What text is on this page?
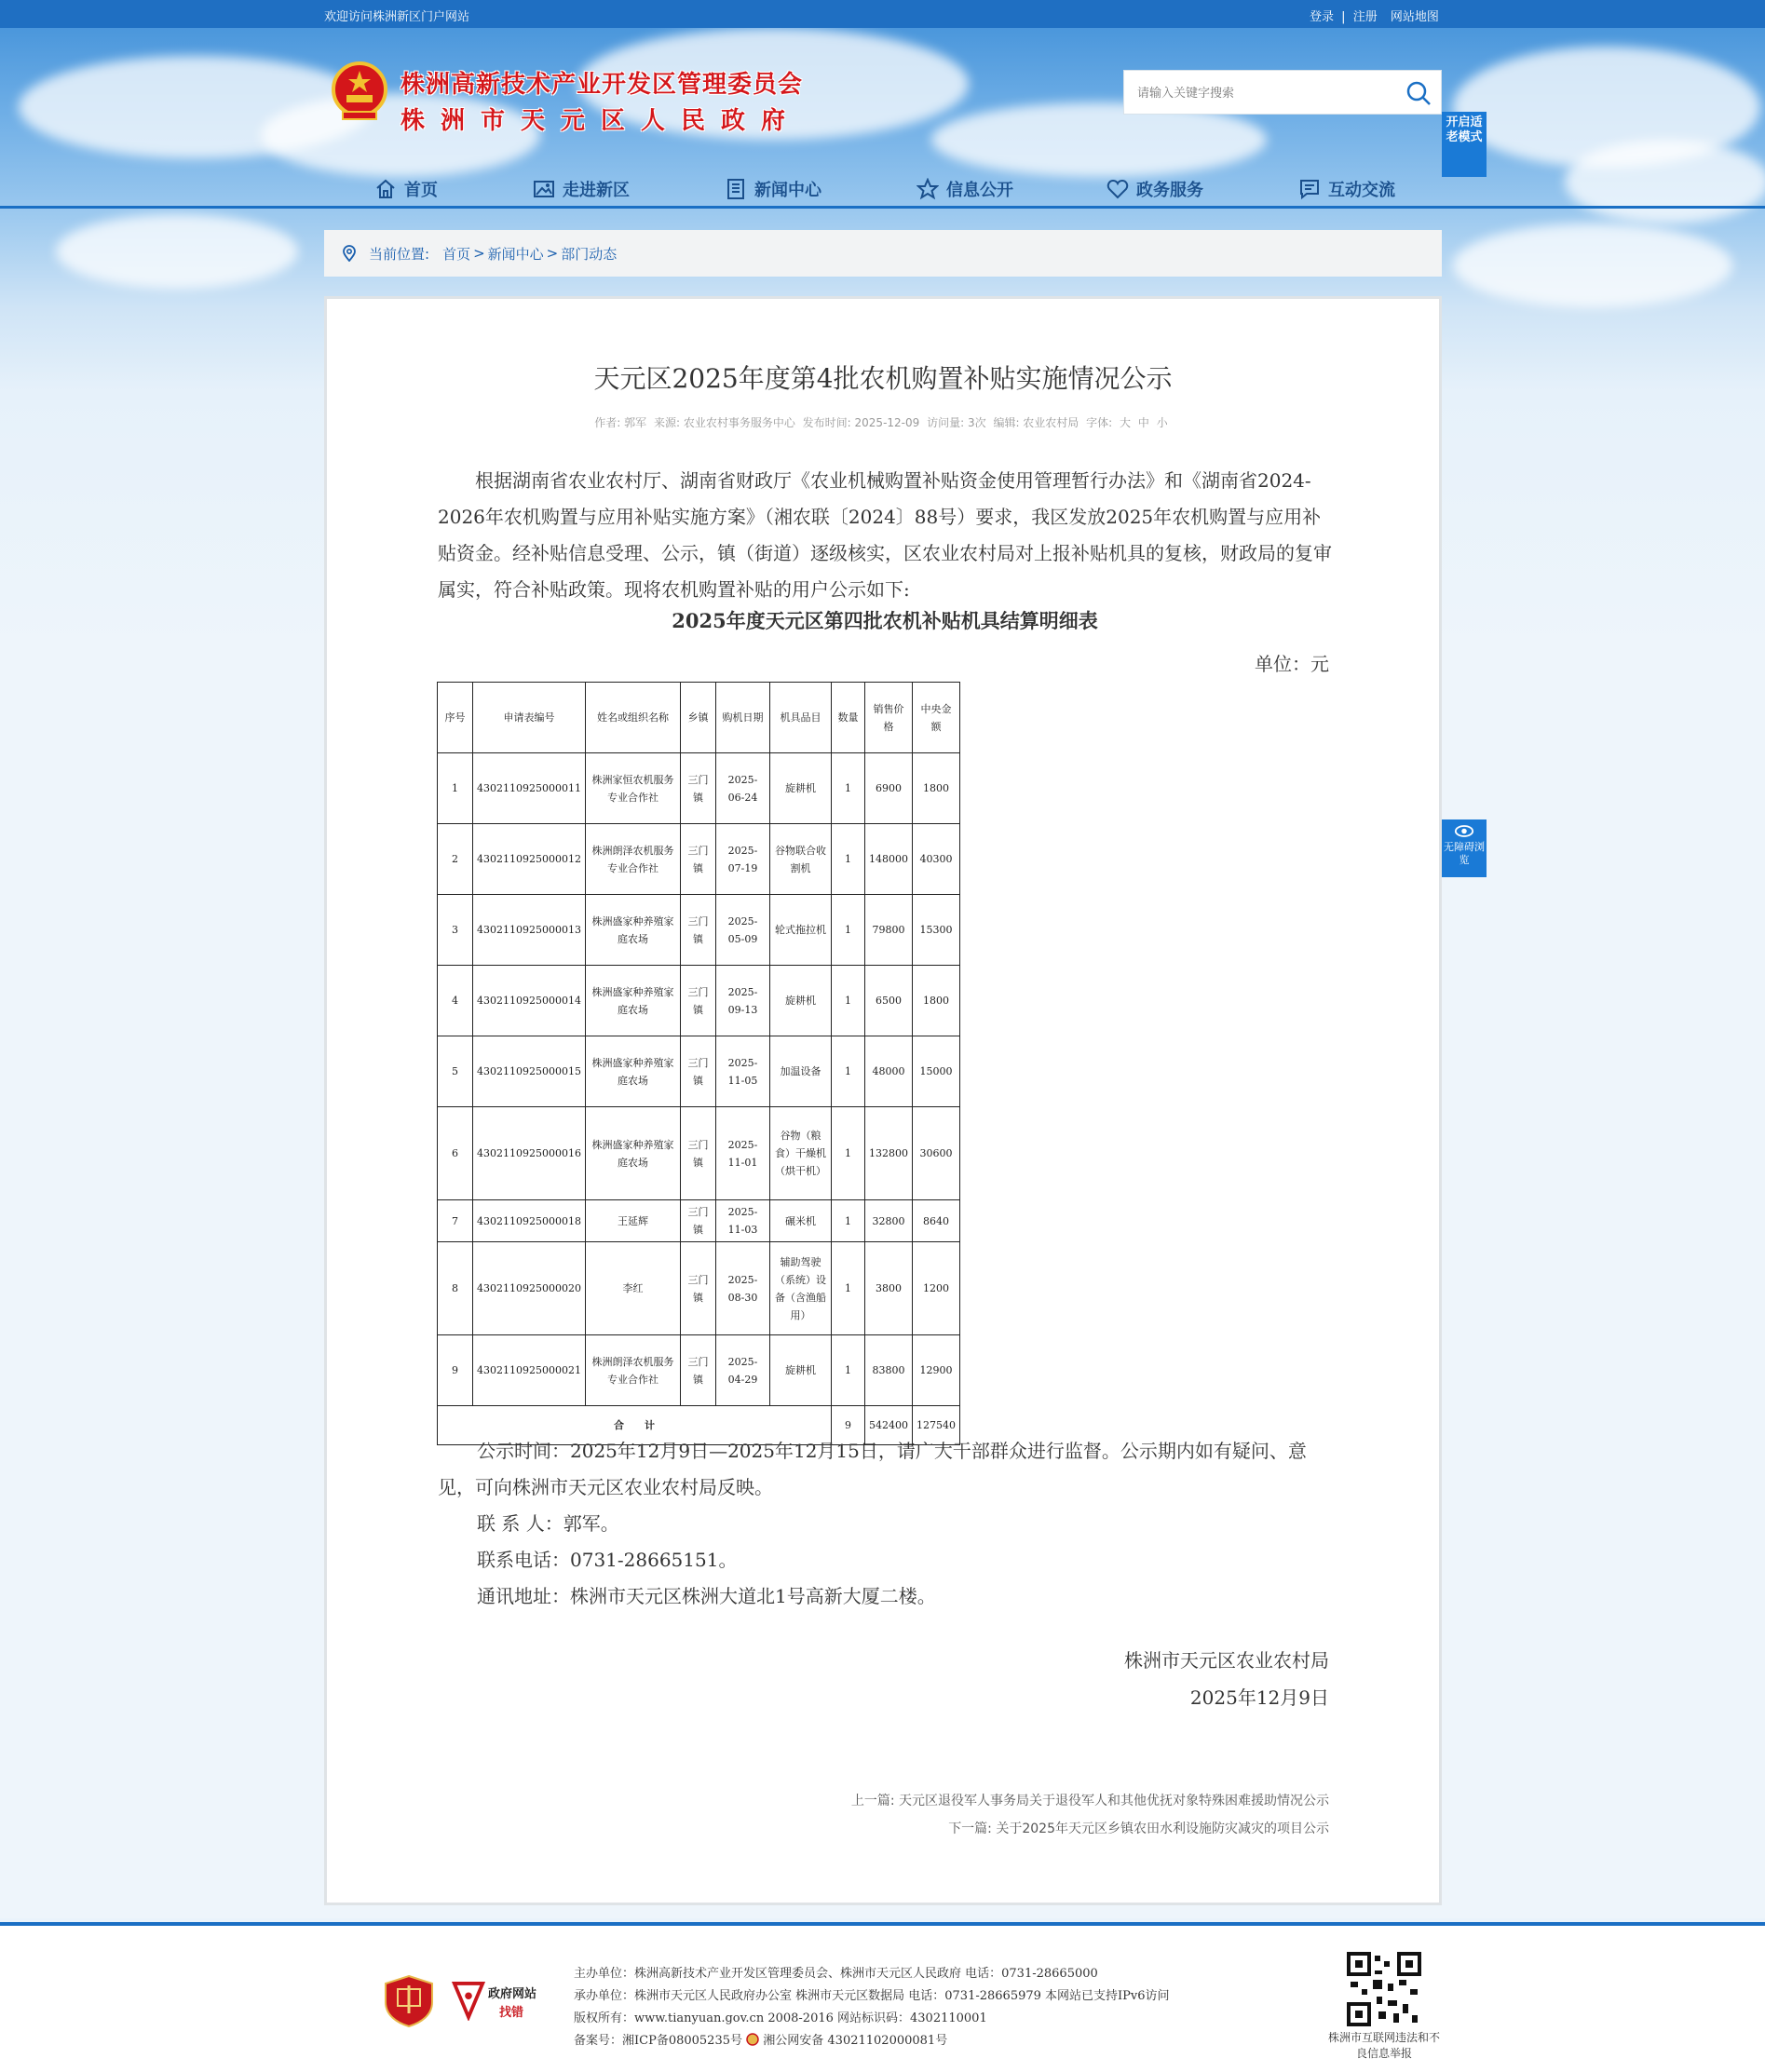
欢迎访问株洲新区门户网站	登录 | 注册 网站地图
株洲高新技术产业开发区管理委员会
株洲市天元区人民政府
请输入关键字搜索	开启适老模式
首页	走进新区	新闻中心	信息公开	政务服务	互动交流
当前位置: 首页 > 新闻中心 > 部门动态
天元区2025年度第4批农机购置补贴实施情况公示
作者: 郭军 来源: 农业农村事务服务中心 发布时间: 2025-12-09 访问量: 3次 编辑: 农业农村局 字体: 大 中 小
根据湖南省农业农村厅、湖南省财政厅《农业机械购置补贴资金使用管理暂行办法》和《湖南省2024-2026年农机购置与应用补贴实施方案》（湘农联〔2024〕88号）要求，我区发放2025年农机购置与应用补贴资金。经补贴信息受理、公示，镇（街道）逐级核实，区农业农村局对上报补贴机具的复核，财政局的复审属实，符合补贴政策。现将农机购置补贴的用户公示如下:
2025年度天元区第四批农机补贴机具结算明细表
单位：元
序号	申请表编号	姓名或组织名称	乡镇	购机日期	机具品目	数量	销售价格	中央金额
1	430211092500001​1	株洲家恒农机服务专业合作社	三门镇	2025-06-24	旋耕机	1	6900	1800
2	4302110925000012	株洲朗泽农机服务专业合作社	三门镇	2025-07-19	谷物联合收割机	1	148000	40300
3	4302110925000013	株洲盛家种养殖家庭农场	三门镇	2025-05-09	轮式拖拉机	1	79800	15300
4	4302110925000014	株洲盛家种养殖家庭农场	三门镇	2025-09-13	旋耕机	1	6500	1800
5	4302110925000015	株洲盛家种养殖家庭农场	三门镇	2025-11-05	加温设备	1	48000	15000
6	4302110925000016	株洲盛家种养殖家庭农场	三门镇	2025-11-01	谷物（粮食）干燥机（烘干机）	1	132800	30600
7	4302110925000018	王延辉	三门镇	2025-11-03	碾米机	1	32800	8640
8	4302110925000020	李红	三门镇	2025-08-30	辅助驾驶（系统）设备（含渔船用）	1	3800	1200
9	4302110925000021	株洲朗泽农机服务专业合作社	三门镇	2025-04-29	旋耕机	1	83800	12900
合　　计						9	542400	127540

公示时间：2025年12月9日—2025年12月15日，请广大干部群众进行监督。公示期内如有疑问、意见，可向株洲市天元区农业农村局反映。

联 系 人：郭军。

联系电话：0731-28665151。

通讯地址：株洲市天元区株洲大道北1号高新大厦二楼。

株洲市天元区农业农村局
2025年12月9日
上一篇: 天元区退役军人事务局关于退役军人和其他优抚对象特殊困难援助情况公示
下一篇: 关于2025年天元区乡镇农田水利设施防灾减灾的项目公示
无障碍浏览
政府网站
找错
主办单位：株洲高新技术产业开发区管理委员会、株洲市天元区人民政府 电话：0731-28665000
承办单位：株洲市天元区人民政府办公室 株洲市天元区数据局 电话：0731-28665979 本网站已支持IPv6访问
版权所有：www.tianyuan.gov.cn 2008-2016 网站标识码：4302110001
备案号：湘ICP备08005235号 湘公网安备 43021102000081号	株洲市互联网违法和不良信息举报
